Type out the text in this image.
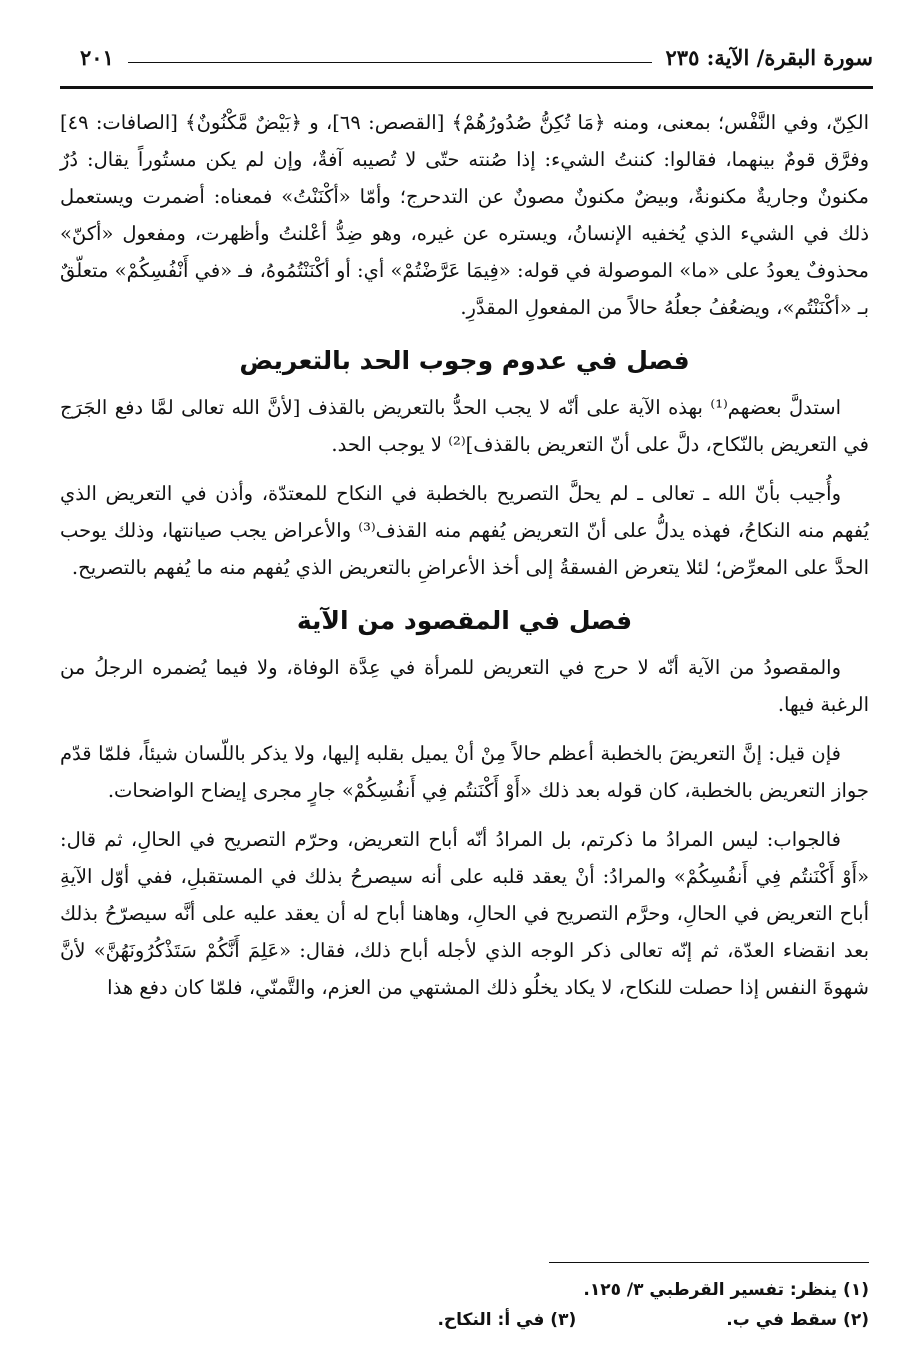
سورة البقرة/ الآية: ٢٣٥
٢٠١

الكِنّ، وفي النَّفْس؛ بمعنى، ومنه ﴿مَا تُكِنُّ صُدُورُهُمْ﴾ [القصص: ٦٩]، و ﴿بَيْضٌ مَّكْنُونٌ﴾ [الصافات: ٤٩] وفرَّق قومٌ بينهما، فقالوا: كننتُ الشيء: إذا صُنته حتّى لا تُصيبه آفةٌ، وإن لم يكن مستُوراً يقال: دُرٌ مكنونٌ وجاريةٌ مكنونةٌ، وبيضٌ مكنونٌ مصونٌ عن التدحرج؛ وأمّا «أكْنَنْتُ» فمعناه: أضمرت ويستعمل ذلك في الشيء الذي يُخفيه الإنسانُ، ويستره عن غيره، وهو ضِدُّ أعْلنتُ وأظهرت، ومفعول «أكنّ» محذوفٌ يعودُ على «ما» الموصولة في قوله: «فِيمَا عَرَّضْتُمْ» أي: أو أكْنَنْتُمُوهُ، فـ «في أَنْفُسِكُمْ» متعلّقٌ بـ «أكْنَنْتُم»، ويضعُفُ جعلُهُ حالاً من المفعولِ المقدَّرِ.

فصل في عدوم وجوب الحد بالتعريض

استدلَّ بعضهم⁽¹⁾ بهذه الآية على أنّه لا يجب الحدُّ بالتعريض بالقذف [لأنَّ الله تعالى لمَّا دفع الجَرَج في التعريض بالنّكاح، دلَّ على أنّ التعريض بالقذف]⁽²⁾ لا يوجب الحد.

وأُجيب بأنّ الله ـ تعالى ـ لم يحلَّ التصريح بالخطبة في النكاح للمعتدّة، وأذن في التعريض الذي يُفهم منه النكاحُ، فهذه يدلُّ على أنّ التعريض يُفهم منه القذف⁽³⁾ والأعراض يجب صيانتها، وذلك يوحب الحدَّ على المعرِّض؛ لئلا يتعرض الفسقةُ إلى أخذ الأعراضِ بالتعريض الذي يُفهم منه ما يُفهم بالتصريح.

فصل في المقصود من الآية

والمقصودُ من الآية أنّه لا حرج في التعريض للمرأة في عِدَّة الوفاة، ولا فيما يُضمره الرجلُ من الرغبة فيها.

فإن قيل: إنَّ التعريضَ بالخطبة أعظم حالاً مِنْ أنْ يميل بقلبه إليها، ولا يذكر باللّسان شيئاً، فلمّا قدّم جواز التعريض بالخطبة، كان قوله بعد ذلك «أَوْ أَكْنَنتُم فِي أَنفُسِكُمْ» جارٍ مجرى إيضاح الواضحات.

فالجواب: ليس المرادُ ما ذكرتم، بل المرادُ أنّه أباح التعريض، وحرّم التصريح في الحالِ، ثم قال: «أَوْ أَكْنَنتُم فِي أَنفُسِكُمْ» والمرادُ: أنْ يعقد قلبه على أنه سيصرحُ بذلك في المستقبلِ، ففي أوّل الآيةِ أباح التعريض في الحالِ، وحرَّم التصريح في الحالِ، وهاهنا أباح له أن يعقد عليه على أنَّه سيصرّحُ بذلك بعد انقضاء العدّة، ثم إنّه تعالى ذكر الوجه الذي لأجله أباح ذلك، فقال: «عَلِمَ أَنَّكُمْ سَتَذْكُرُونَهُنَّ» لأنَّ شهوةَ النفس إذا حصلت للنكاح، لا يكاد يخلُو ذلك المشتهي من العزم، والتَّمنّي، فلمّا كان دفع هذا

(١) ينظر: تفسير القرطبي ٣/ ١٢٥.
(٢) سقط في ب.
(٣) في أ: النكاح.
